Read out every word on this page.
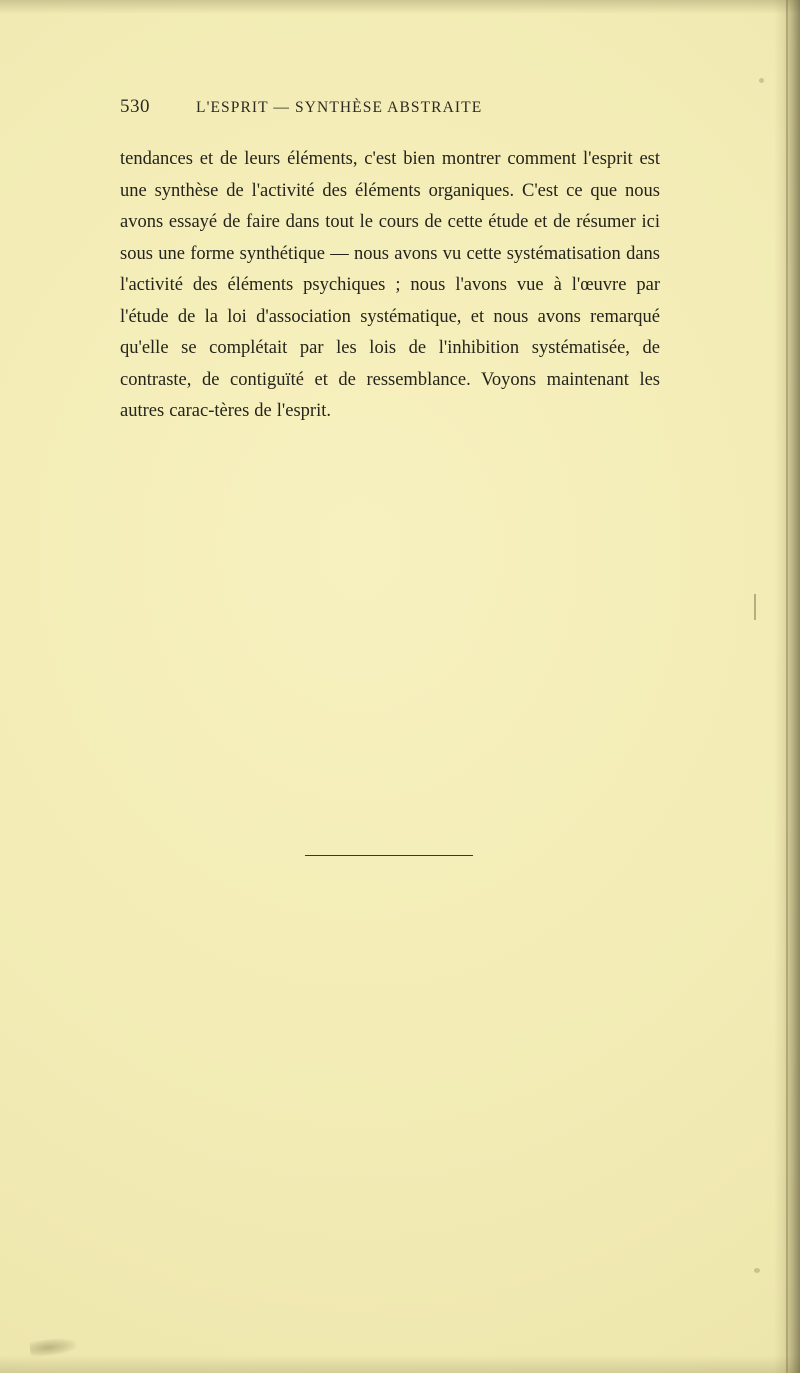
530	L'ESPRIT — SYNTHÈSE ABSTRAITE

tendances et de leurs éléments, c'est bien montrer comment l'esprit est une synthèse de l'activité des éléments organiques. C'est ce que nous avons essayé de faire dans tout le cours de cette étude et de résumer ici sous une forme synthétique — nous avons vu cette systématisation dans l'activité des éléments psychiques ; nous l'avons vue à l'œuvre par l'étude de la loi d'association systématique, et nous avons remarqué qu'elle se complétait par les lois de l'inhibition systématisée, de contraste, de contiguïté et de ressemblance. Voyons maintenant les autres carac-tères de l'esprit.
